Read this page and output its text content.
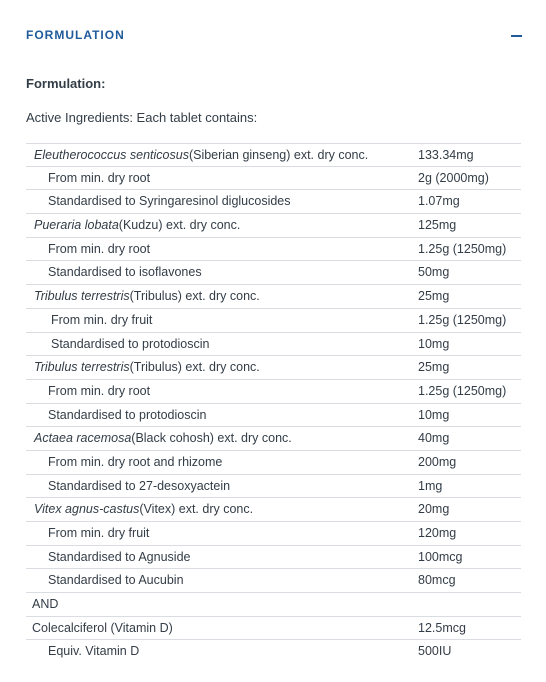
FORMULATION
Formulation:
Active Ingredients: Each tablet contains:
Eleutherococcus senticosus(Siberian ginseng) ext. dry conc.	133.34mg
From min. dry root	2g (2000mg)
Standardised to Syringaresinol diglucosides	1.07mg
Pueraria lobata(Kudzu) ext. dry conc.	125mg
From min. dry root	1.25g (1250mg)
Standardised to isoflavones	50mg
Tribulus terrestris(Tribulus) ext. dry conc.	25mg
From min. dry fruit	1.25g (1250mg)
Standardised to protodioscin	10mg
Tribulus terrestris(Tribulus) ext. dry conc.	25mg
From min. dry root	1.25g (1250mg)
Standardised to protodioscin	10mg
Actaea racemosa(Black cohosh) ext. dry conc.	40mg
From min. dry root and rhizome	200mg
Standardised to 27-desoxyactein	1mg
Vitex agnus-castus(Vitex) ext. dry conc.	20mg
From min. dry fruit	120mg
Standardised to Agnuside	100mcg
Standardised to Aucubin	80mcg
AND
Colecalciferol (Vitamin D)	12.5mcg
Equiv. Vitamin D	500IU
